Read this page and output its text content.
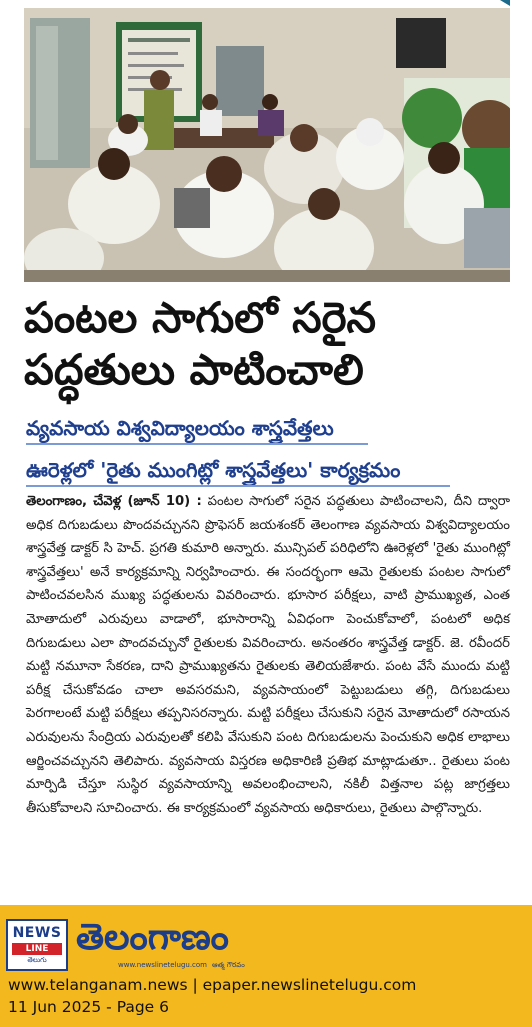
పంటల సాగులో సరైన
పద్ధతులు పాటించాలి
వ్యవసాయ విశ్వవిద్యాలయం శాస్త్రవేత్తలు
ఊరెళ్లలో 'రైతు ముంగిట్లో శాస్త్రవేత్తలు' కార్యక్రమం
తెలంగాణం, చేవెళ్ల (జూన్ 10) : పంటల సాగులో సరైన పద్ధతులు పాటించాలని, దీని ద్వారా అధిక దిగుబడులు పొందవచ్చునని ప్రొఫెసర్ జయశంకర్ తెలంగాణ వ్యవసాయ విశ్వవిద్యాలయం శాస్త్రవేత్త డాక్టర్ సి హెచ్. ప్రగతి కుమారి అన్నారు. మున్సిపల్ పరిధిలోని ఊరెళ్లలో 'రైతు ముంగిట్లో శాస్త్రవేత్తలు' అనే కార్యక్రమాన్ని నిర్వహించారు. ఈ సందర్భంగా ఆమె రైతులకు పంటల సాగులో పాటించవలసిన ముఖ్య పద్ధతులను వివరించారు. భూసార పరీక్షలు, వాటి ప్రాముఖ్యత, ఎంత మోతాదులో ఎరువులు వాడాలో, భూసారాన్ని ఏవిధంగా పెంచుకోవాలో, పంటలో అధిక దిగుబడులు ఎలా పొందవచ్చునో రైతులకు వివరించారు. అనంతరం శాస్త్రవేత్త డాక్టర్. జె. రవీందర్ మట్టి నమూనా సేకరణ, దాని ప్రాముఖ్యతను రైతులకు తెలియజేశారు. పంట వేసే ముందు మట్టి పరీక్ష చేసుకోవడం చాలా అవసరమని, వ్యవసాయంలో పెట్టుబడులు తగ్గి, దిగుబడులు పెరగాలంటే మట్టి పరీక్షలు తప్పనిసరన్నారు. మట్టి పరీక్షలు చేసుకుని సరైన మోతాదులో రసాయన ఎరువులను సేంద్రియ ఎరువులతో కలిపి వేసుకుని పంట దిగుబడులను పెంచుకుని అధిక లాభాలు ఆర్జించవచ్చునని తెలిపారు. వ్యవసాయ విస్తరణ అధికారిణి ప్రతిభ మాట్లాడుతూ.. రైతులు పంట మార్పిడి చేస్తూ సుస్థిర వ్యవసాయాన్ని అవలంభించాలని, నకిలీ విత్తనాల పట్ల జాగ్రత్తలు తీసుకోవాలని సూచించారు. ఈ కార్యక్రమంలో వ్యవసాయ అధికారులు, రైతులు పాల్గొన్నారు.
NEWS
LINE
తెలుగు
తెలంగాణం
www.newslinetelugu.com ఆత్మ గౌరవం
www.telanganam.news | epaper.newslinetelugu.com
11 Jun 2025 - Page 6
